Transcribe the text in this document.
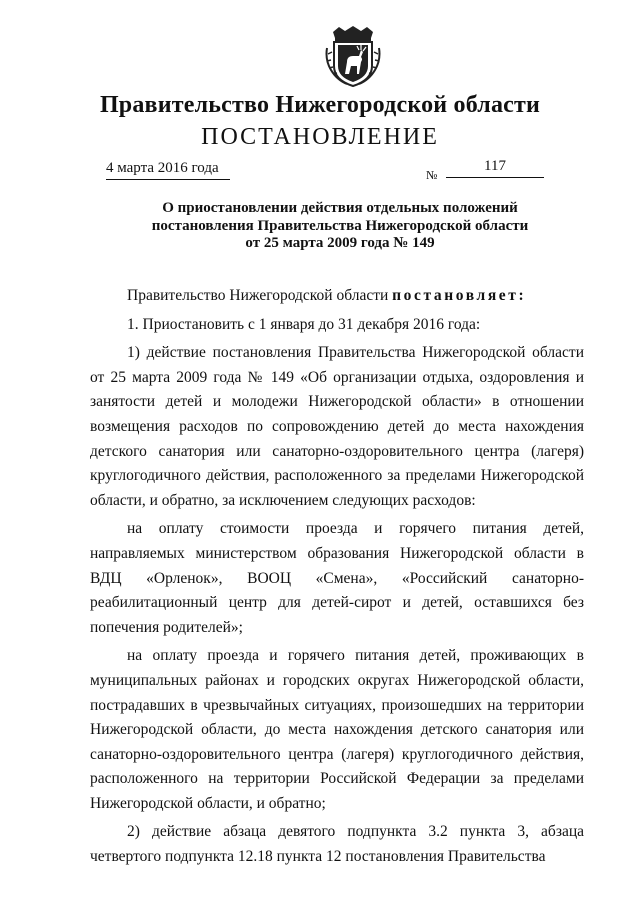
Правительство Нижегородской области
ПОСТАНОВЛЕНИЕ
4 марта 2016 года	№
117
О приостановлении действия отдельных положений
постановления Правительства Нижегородской области
от 25 марта 2009 года № 149

Правительство Нижегородской области постановляет:

1. Приостановить с 1 января до 31 декабря 2016 года:

1) действие постановления Правительства Нижегородской области от 25 марта 2009 года № 149 «Об организации отдыха, оздоровления и занятости детей и молодежи Нижегородской области» в отношении возмещения расходов по сопровождению детей до места нахождения детского санатория или санаторно-оздоровительного центра (лагеря) круглогодичного действия, расположенного за пределами Нижегородской области, и обратно, за исключением следующих расходов:

на оплату стоимости проезда и горячего питания детей, направляемых министерством образования Нижегородской области в ВДЦ «Орленок», ВООЦ «Смена», «Российский санаторно-реабилитационный центр для детей-сирот и детей, оставшихся без попечения родителей»;

на оплату проезда и горячего питания детей, проживающих в муниципальных районах и городских округах Нижегородской области, пострадавших в чрезвычайных ситуациях, произошедших на территории Нижегородской области, до места нахождения детского санатория или санаторно-оздоровительного центра (лагеря) круглогодичного действия, расположенного на территории Российской Федерации за пределами Нижегородской области, и обратно;

2) действие абзаца девятого подпункта 3.2 пункта 3, абзаца четвертого подпункта 12.18 пункта 12 постановления Правительства
